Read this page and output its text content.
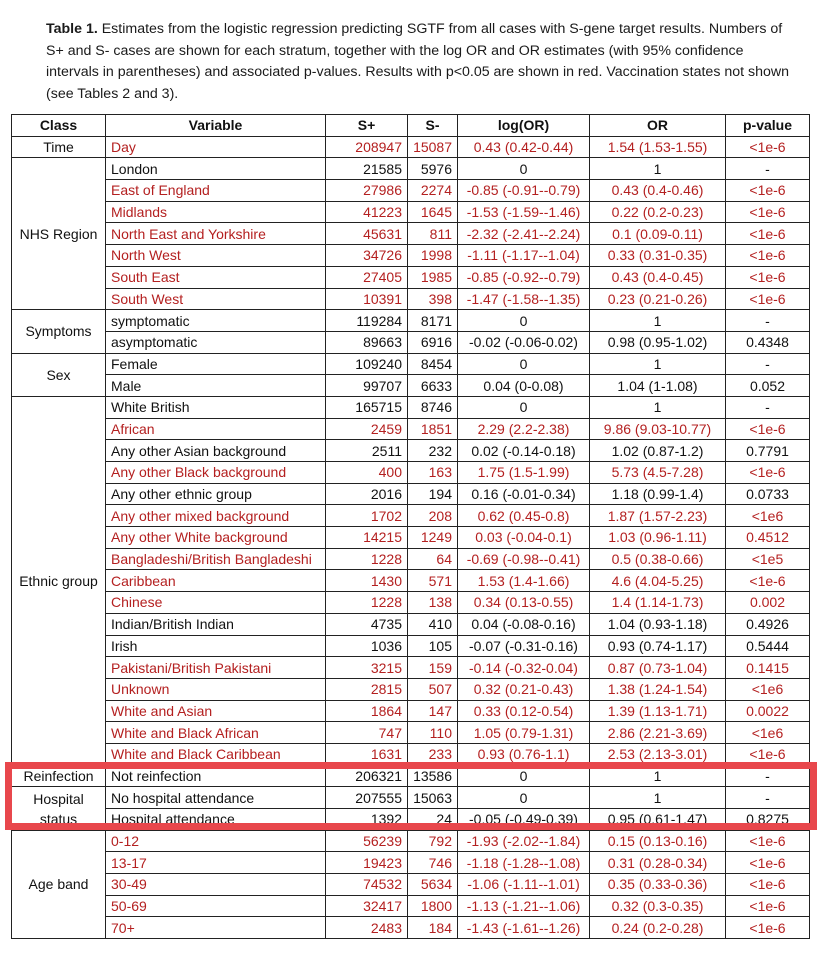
Table 1. Estimates from the logistic regression predicting SGTF from all cases with S-gene target results. Numbers of S+ and S- cases are shown for each stratum, together with the log OR and OR estimates (with 95% confidence intervals in parentheses) and associated p-values. Results with p<0.05 are shown in red. Vaccination states not shown (see Tables 2 and 3).
Class	Variable	S+	S-	log(OR)	OR	p-value
Time	Day	208947	15087	0.43 (0.42-0.44)	1.54 (1.53-1.55)	<1e-6
NHS Region	London	21585	5976	0	1	-
	East of England	27986	2274	-0.85 (-0.91--0.79)	0.43 (0.4-0.46)	<1e-6
	Midlands	41223	1645	-1.53 (-1.59--1.46)	0.22 (0.2-0.23)	<1e-6
	North East and Yorkshire	45631	811	-2.32 (-2.41--2.24)	0.1 (0.09-0.11)	<1e-6
	North West	34726	1998	-1.11 (-1.17--1.04)	0.33 (0.31-0.35)	<1e-6
	South East	27405	1985	-0.85 (-0.92--0.79)	0.43 (0.4-0.45)	<1e-6
	South West	10391	398	-1.47 (-1.58--1.35)	0.23 (0.21-0.26)	<1e-6
Symptoms	symptomatic	119284	8171	0	1	-
	asymptomatic	89663	6916	-0.02 (-0.06-0.02)	0.98 (0.95-1.02)	0.4348
Sex	Female	109240	8454	0	1	-
	Male	99707	6633	0.04 (0-0.08)	1.04 (1-1.08)	0.052
Ethnic group	White British	165715	8746	0	1	-
	African	2459	1851	2.29 (2.2-2.38)	9.86 (9.03-10.77)	<1e-6
	Any other Asian background	2511	232	0.02 (-0.14-0.18)	1.02 (0.87-1.2)	0.7791
	Any other Black background	400	163	1.75 (1.5-1.99)	5.73 (4.5-7.28)	<1e-6
	Any other ethnic group	2016	194	0.16 (-0.01-0.34)	1.18 (0.99-1.4)	0.0733
	Any other mixed background	1702	208	0.62 (0.45-0.8)	1.87 (1.57-2.23)	<1e6
	Any other White background	14215	1249	0.03 (-0.04-0.1)	1.03 (0.96-1.11)	0.4512
	Bangladeshi/British Bangladeshi	1228	64	-0.69 (-0.98--0.41)	0.5 (0.38-0.66)	<1e5
	Caribbean	1430	571	1.53 (1.4-1.66)	4.6 (4.04-5.25)	<1e-6
	Chinese	1228	138	0.34 (0.13-0.55)	1.4 (1.14-1.73)	0.002
	Indian/British Indian	4735	410	0.04 (-0.08-0.16)	1.04 (0.93-1.18)	0.4926
	Irish	1036	105	-0.07 (-0.31-0.16)	0.93 (0.74-1.17)	0.5444
	Pakistani/British Pakistani	3215	159	-0.14 (-0.32-0.04)	0.87 (0.73-1.04)	0.1415
	Unknown	2815	507	0.32 (0.21-0.43)	1.38 (1.24-1.54)	<1e6
	White and Asian	1864	147	0.33 (0.12-0.54)	1.39 (1.13-1.71)	0.0022
	White and Black African	747	110	1.05 (0.79-1.31)	2.86 (2.21-3.69)	<1e6
	White and Black Caribbean	1631	233	0.93 (0.76-1.1)	2.53 (2.13-3.01)	<1e-6
Reinfection	Not reinfection	206321	13586	0	1	-
Hospital status	No hospital attendance	207555	15063	0	1	-
	Hospital attendance	1392	24	-0.05 (-0.49-0.39)	0.95 (0.61-1.47)	0.8275
Age band	0-12	56239	792	-1.93 (-2.02--1.84)	0.15 (0.13-0.16)	<1e-6
	13-17	19423	746	-1.18 (-1.28--1.08)	0.31 (0.28-0.34)	<1e-6
	30-49	74532	5634	-1.06 (-1.11--1.01)	0.35 (0.33-0.36)	<1e-6
	50-69	32417	1800	-1.13 (-1.21--1.06)	0.32 (0.3-0.35)	<1e-6
	70+	2483	184	-1.43 (-1.61--1.26)	0.24 (0.2-0.28)	<1e-6
